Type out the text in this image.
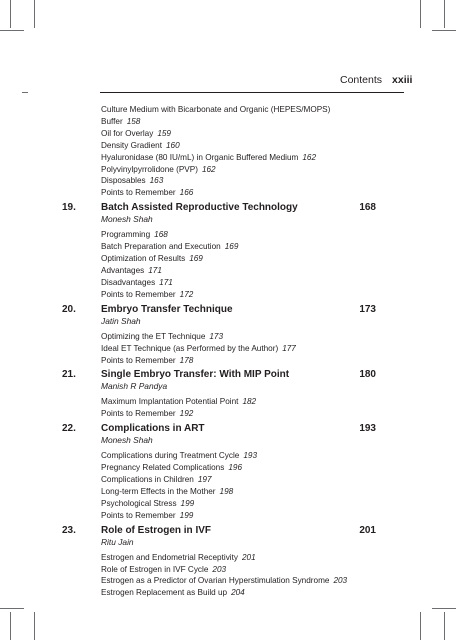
Contents xxiii
Culture Medium with Bicarbonate and Organic (HEPES/MOPS)
Buffer 158
Oil for Overlay 159
Density Gradient 160
Hyaluronidase (80 IU/mL) in Organic Buffered Medium 162
Polyvinylpyrrolidone (PVP) 162
Disposables 163
Points to Remember 166
19.	Batch Assisted Reproductive Technology	168
Monesh Shah
Programming 168
Batch Preparation and Execution 169
Optimization of Results 169
Advantages 171
Disadvantages 171
Points to Remember 172
20.	Embryo Transfer Technique	173
Jatin Shah
Optimizing the ET Technique 173
Ideal ET Technique (as Performed by the Author) 177
Points to Remember 178
21.	Single Embryo Transfer: With MIP Point	180
Manish R Pandya
Maximum Implantation Potential Point 182
Points to Remember 192
22.	Complications in ART	193
Monesh Shah
Complications during Treatment Cycle 193
Pregnancy Related Complications 196
Complications in Children 197
Long-term Effects in the Mother 198
Psychological Stress 199
Points to Remember 199
23.	Role of Estrogen in IVF	201
Ritu Jain
Estrogen and Endometrial Receptivity 201
Role of Estrogen in IVF Cycle 203
Estrogen as a Predictor of Ovarian Hyperstimulation Syndrome 203
Estrogen Replacement as Build up 204
